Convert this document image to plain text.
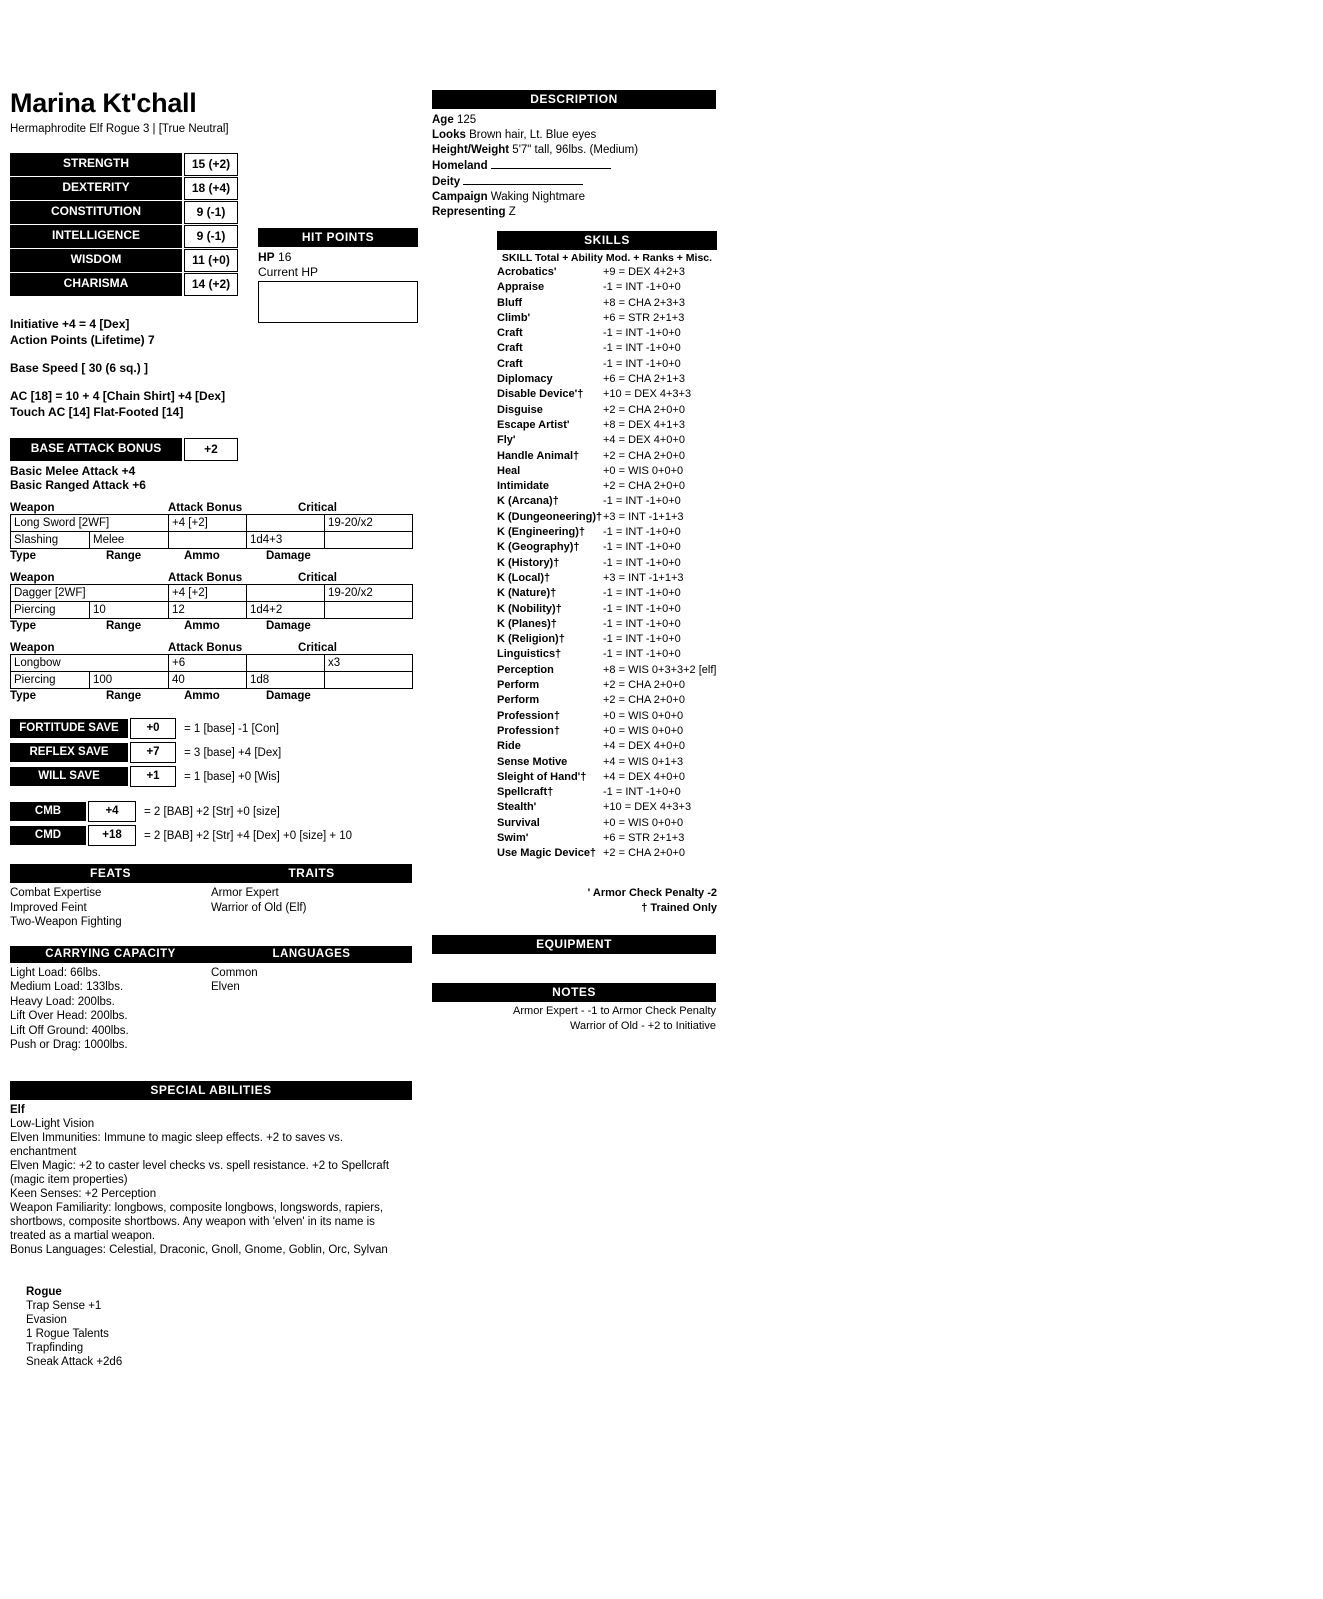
Marina Kt'chall
Hermaphrodite Elf Rogue 3 | [True Neutral]
STRENGTH	15 (+2)
DEXTERITY	18 (+4)
CONSTITUTION	9 (-1)
INTELLIGENCE	9 (-1)
WISDOM	11 (+0)
CHARISMA	14 (+2)
HIT POINTS
HP 16
Current HP
Initiative +4 = 4 [Dex]
Action Points (Lifetime) 7
Base Speed [ 30 (6 sq.) ]
AC [18] = 10 + 4 [Chain Shirt] +4 [Dex]
Touch AC [14] Flat-Footed [14]
BASE ATTACK BONUS	+2
Basic Melee Attack +4
Basic Ranged Attack +6
Weapon	Attack Bonus	Critical
Long Sword [2WF]		+4 [+2]		19-20/x2
Slashing	Melee		1d4+3	
Type	Range	Ammo	Damage
Weapon	Attack Bonus	Critical
Dagger [2WF]		+4 [+2]		19-20/x2
Piercing	10	12	1d4+2	
Type	Range	Ammo	Damage
Weapon	Attack Bonus	Critical
Longbow		+6		x3
Piercing	100	40	1d8	
Type	Range	Ammo	Damage
FORTITUDE SAVE	+0	= 1 [base] -1 [Con]
REFLEX SAVE	+7	= 3 [base] +4 [Dex]
WILL SAVE	+1	= 1 [base] +0 [Wis]
CMB	+4	= 2 [BAB] +2 [Str] +0 [size]
CMD	+18	= 2 [BAB] +2 [Str] +4 [Dex] +0 [size] + 10
FEATS
Combat Expertise
Improved Feint
Two-Weapon Fighting
TRAITS
Armor Expert
Warrior of Old (Elf)
CARRYING CAPACITY
Light Load: 66lbs.
Medium Load: 133lbs.
Heavy Load: 200lbs.
Lift Over Head: 200lbs.
Lift Off Ground: 400lbs.
Push or Drag: 1000lbs.
LANGUAGES
Common
Elven
SPECIAL ABILITIES
Elf
Low-Light Vision
Elven Immunities: Immune to magic sleep effects. +2 to saves vs. enchantment
Elven Magic: +2 to caster level checks vs. spell resistance. +2 to Spellcraft (magic item properties)
Keen Senses: +2 Perception
Weapon Familiarity: longbows, composite longbows, longswords, rapiers, shortbows, composite shortbows. Any weapon with 'elven' in its name is treated as a martial weapon.
Bonus Languages: Celestial, Draconic, Gnoll, Gnome, Goblin, Orc, Sylvan
Rogue
Trap Sense +1
Evasion
1 Rogue Talents
Trapfinding
Sneak Attack +2d6
DESCRIPTION
Age 125
Looks Brown hair, Lt. Blue eyes
Height/Weight 5'7" tall, 96lbs. (Medium)
Homeland
Deity
Campaign Waking Nightmare
Representing Z
SKILLS
SKILL Total + Ability Mod. + Ranks + Misc.
Acrobatics'	+9 = DEX 4+2+3
Appraise	-1 = INT -1+0+0
Bluff	+8 = CHA 2+3+3
Climb'	+6 = STR 2+1+3
Craft	-1 = INT -1+0+0
Craft	-1 = INT -1+0+0
Craft	-1 = INT -1+0+0
Diplomacy	+6 = CHA 2+1+3
Disable Device'†	+10 = DEX 4+3+3
Disguise	+2 = CHA 2+0+0
Escape Artist'	+8 = DEX 4+1+3
Fly'	+4 = DEX 4+0+0
Handle Animal†	+2 = CHA 2+0+0
Heal	+0 = WIS 0+0+0
Intimidate	+2 = CHA 2+0+0
K (Arcana)†	-1 = INT -1+0+0
K (Dungeoneering)† +3 = INT -1+1+3
K (Engineering)†	-1 = INT -1+0+0
K (Geography)†	-1 = INT -1+0+0
K (History)†	-1 = INT -1+0+0
K (Local)†	+3 = INT -1+1+3
K (Nature)†	-1 = INT -1+0+0
K (Nobility)†	-1 = INT -1+0+0
K (Planes)†	-1 = INT -1+0+0
K (Religion)†	-1 = INT -1+0+0
Linguistics†	-1 = INT -1+0+0
Perception	+8 = WIS 0+3+3+2 [elf]
Perform	+2 = CHA 2+0+0
Perform	+2 = CHA 2+0+0
Profession†	+0 = WIS 0+0+0
Profession†	+0 = WIS 0+0+0
Ride	+4 = DEX 4+0+0
Sense Motive	+4 = WIS 0+1+3
Sleight of Hand'†	+4 = DEX 4+0+0
Spellcraft†	-1 = INT -1+0+0
Stealth'	+10 = DEX 4+3+3
Survival	+0 = WIS 0+0+0
Swim'	+6 = STR 2+1+3
Use Magic Device† +2 = CHA 2+0+0
' Armor Check Penalty -2
† Trained Only
EQUIPMENT
NOTES
Armor Expert - -1 to Armor Check Penalty
Warrior of Old - +2 to Initiative
